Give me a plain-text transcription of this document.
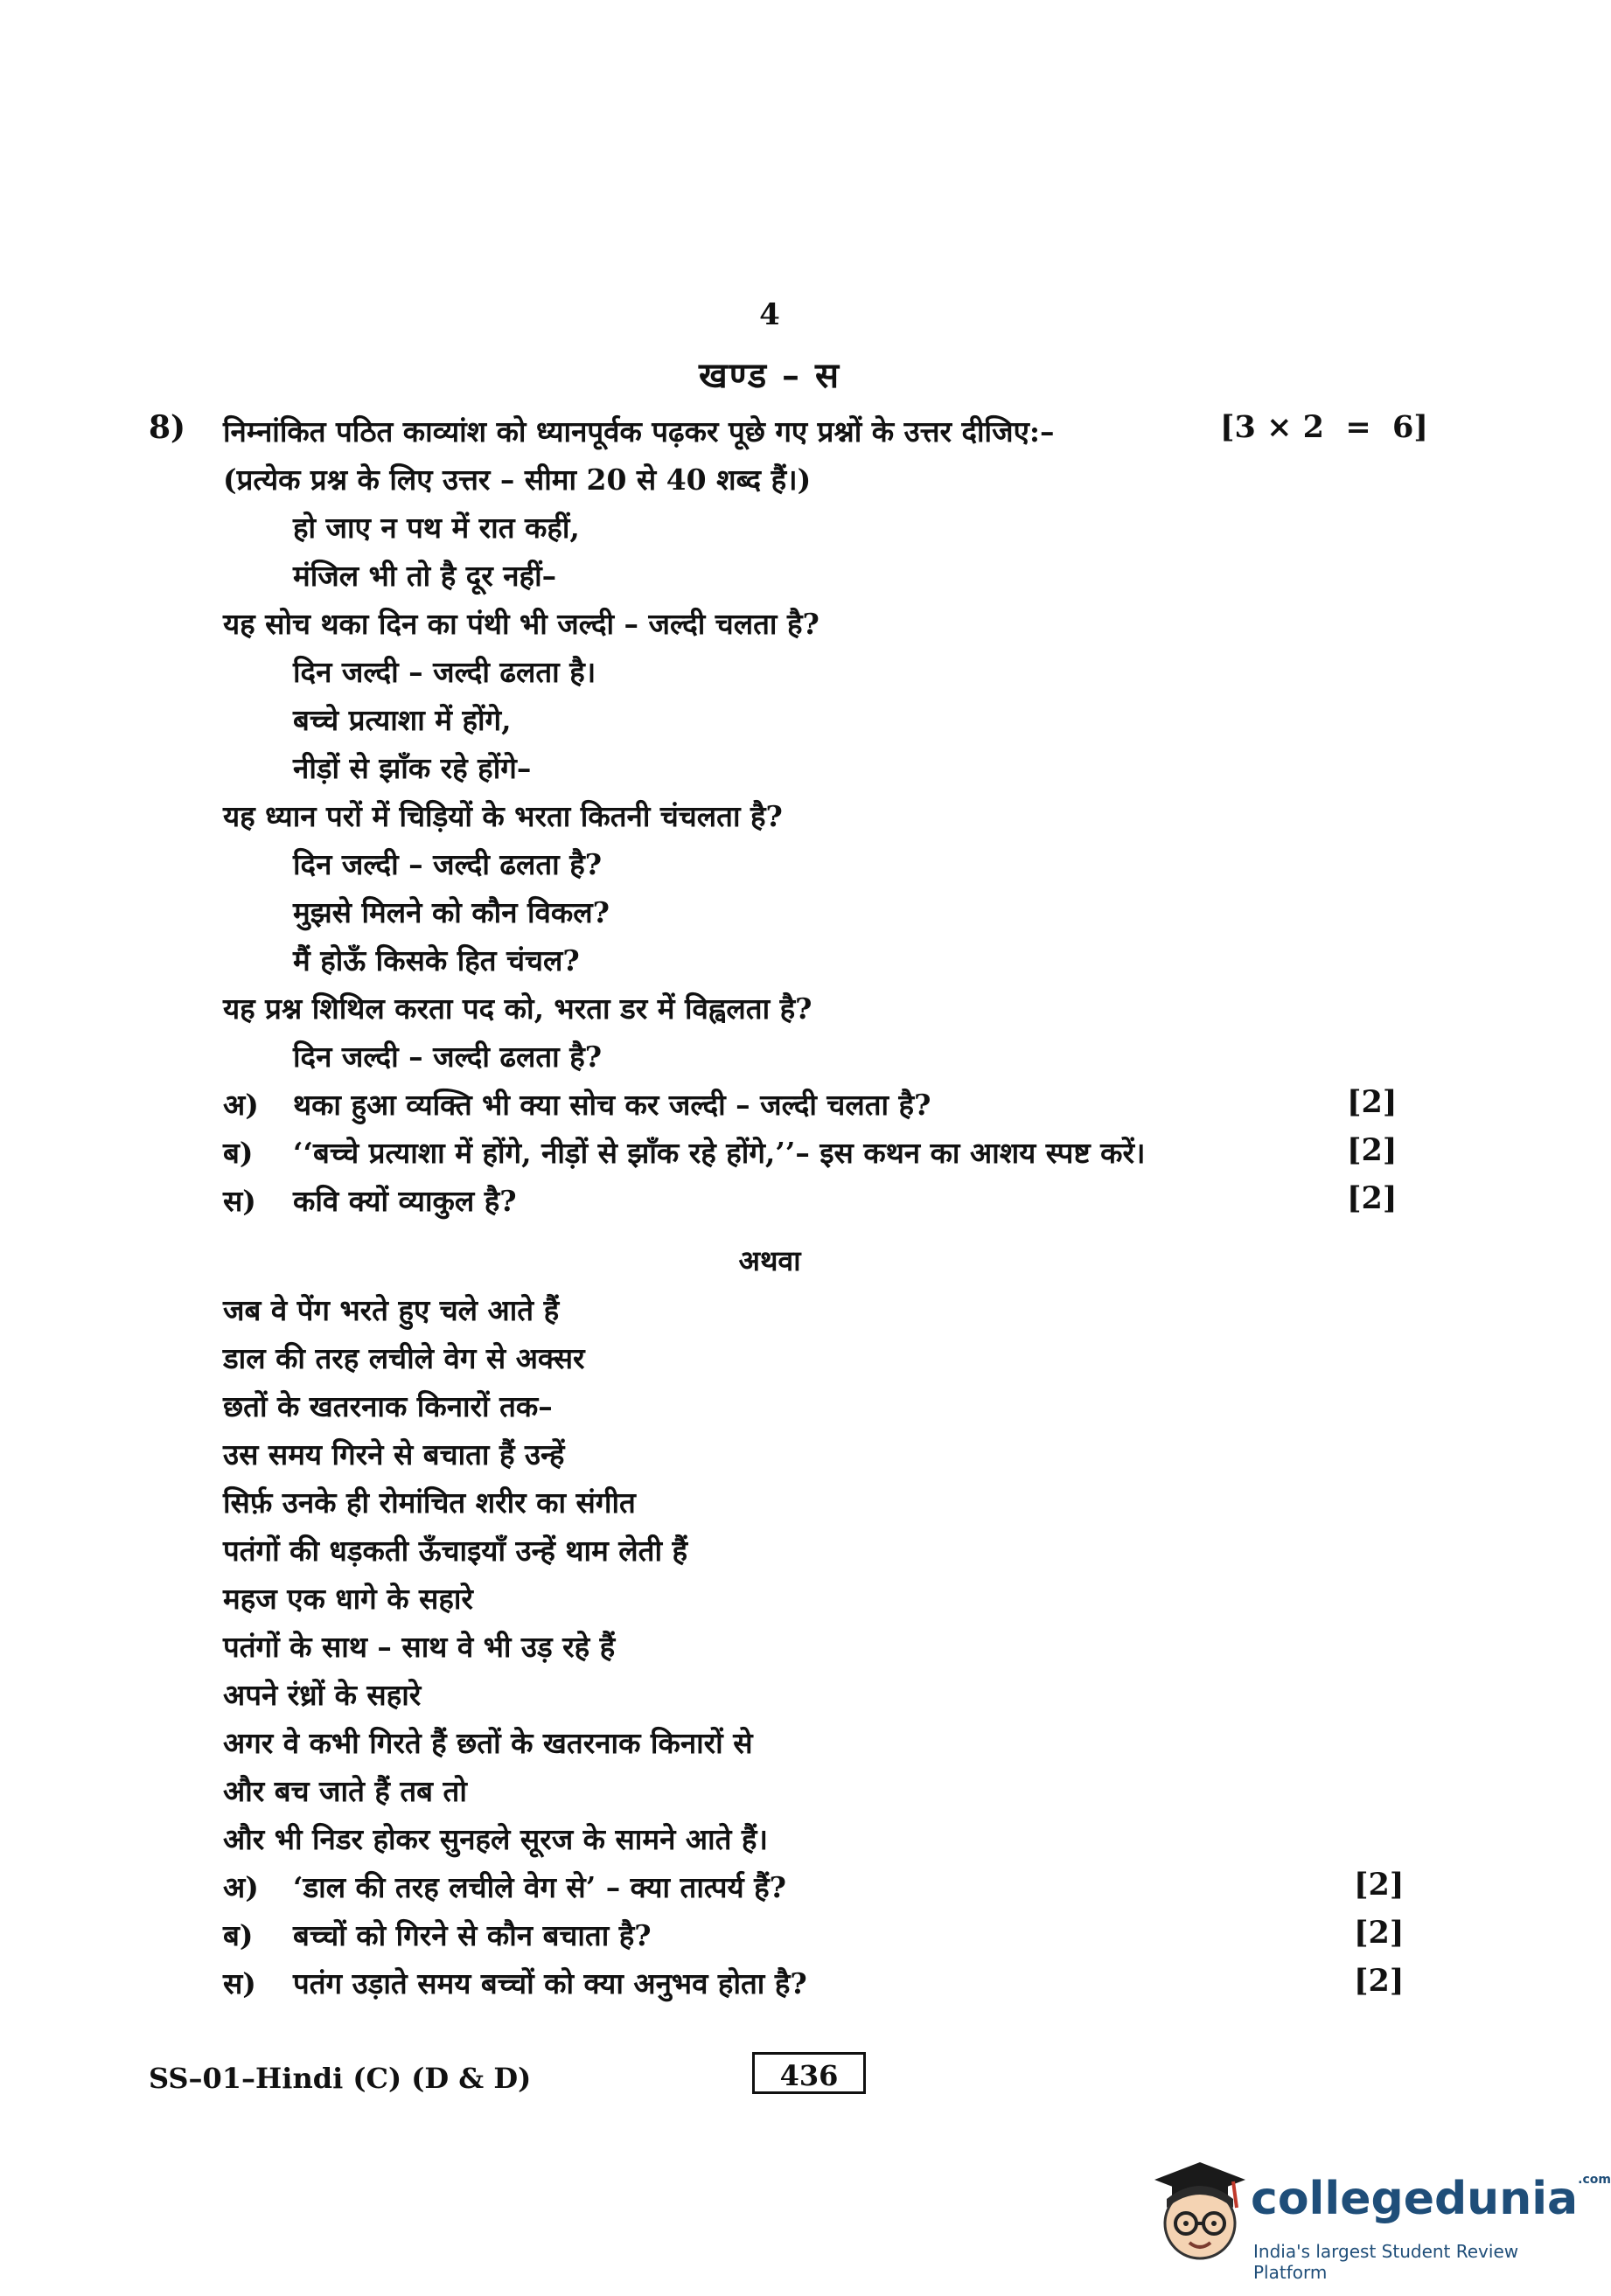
4
खण्ड – स
8) निम्नांकित पठित काव्यांश को ध्यानपूर्वक पढ़कर पूछे गए प्रश्नों के उत्तर दीजिए:–	[3 × 2  =  6]
(प्रत्येक प्रश्न के लिए उत्तर – सीमा 20 से 40 शब्द हैं।)
हो जाए न पथ में रात कहीं,
मंजिल भी तो है दूर नहीं–
यह सोच थका दिन का पंथी भी जल्दी – जल्दी चलता है?
दिन जल्दी – जल्दी ढलता है।
बच्चे प्रत्याशा में होंगे,
नीड़ों से झाँक रहे होंगे–
यह ध्यान परों में चिड़ियों के भरता कितनी चंचलता है?
दिन जल्दी – जल्दी ढलता है?
मुझसे मिलने को कौन विकल?
मैं होऊँ किसके हित चंचल?
यह प्रश्न शिथिल करता पद को, भरता डर में विह्वलता है?
दिन जल्दी – जल्दी ढलता है?
अ) थका हुआ व्यक्ति भी क्या सोच कर जल्दी – जल्दी चलता है?	[2]
ब) ‘‘बच्चे प्रत्याशा में होंगे, नीड़ों से झाँक रहे होंगे,’’– इस कथन का आशय स्पष्ट करें।	[2]
स) कवि क्यों व्याकुल है?	[2]
अथवा
जब वे पेंग भरते हुए चले आते हैं
डाल की तरह लचीले वेग से अक्सर
छतों के खतरनाक किनारों तक–
उस समय गिरने से बचाता हैं उन्हें
सिर्फ़ उनके ही रोमांचित शरीर का संगीत
पतंगों की धड़कती ऊँचाइयाँ उन्हें थाम लेती हैं
महज एक धागे के सहारे
पतंगों के साथ – साथ वे भी उड़ रहे हैं
अपने रंध्रों के सहारे
अगर वे कभी गिरते हैं छतों के खतरनाक किनारों से
और बच जाते हैं तब तो
और भी निडर होकर सुनहले सूरज के सामने आते हैं।
अ) ‘डाल की तरह लचीले वेग से’ – क्या तात्पर्य हैं?	[2]
ब) बच्चों को गिरने से कौन बचाता है?	[2]
स) पतंग उड़ाते समय बच्चों को क्या अनुभव होता है?	[2]
SS–01–Hindi (C) (D & D)	436
collegedunia$^{.com}$
India's largest Student Review Platform
